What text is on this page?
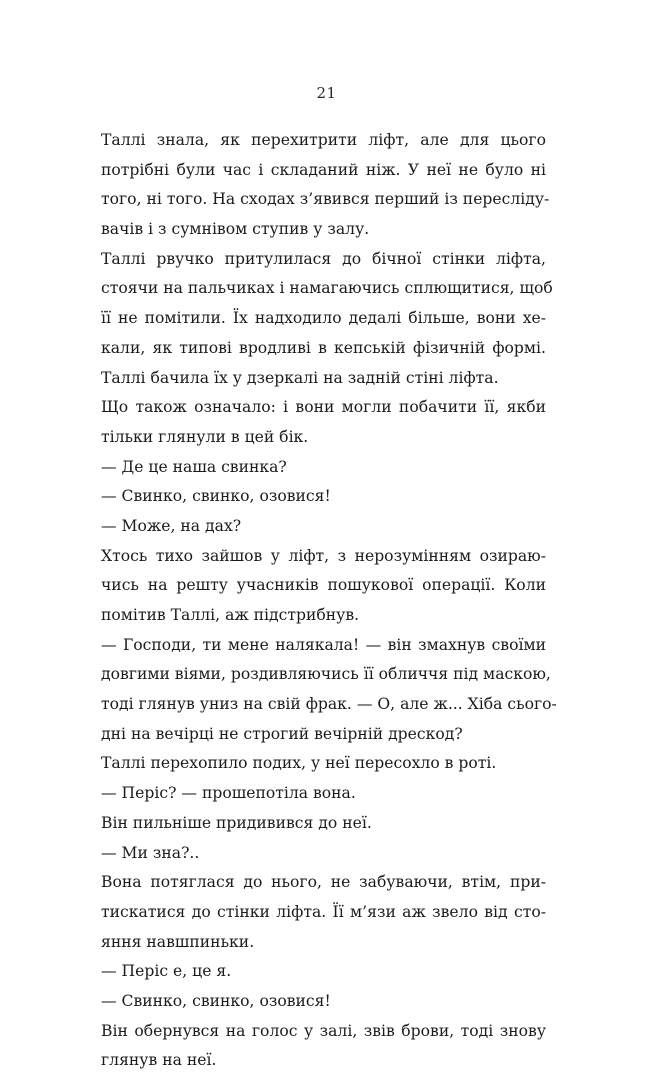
21
Таллі знала, як перехитрити ліфт, але для цього
потрібні були час і складаний ніж. У неї не було ні
того, ні того. На сходах з’явився перший із пересліду-
вачів і з сумнівом ступив у залу.
Таллі рвучко притулилася до бічної стінки ліфта,
стоячи на пальчиках і намагаючись сплющитися, щоб
її не помітили. Їх надходило дедалі більше, вони хе-
кали, як типові вродливі в кепській фізичній формі.
Таллі бачила їх у дзеркалі на задній стіні ліфта.
Що також означало: і вони могли побачити її, якби
тільки глянули в цей бік.
— Де це наша свинка?
— Свинко, свинко, озовися!
— Може, на дах?
Хтось тихо зайшов у ліфт, з нерозумінням озираю-
чись на решту учасників пошукової операції. Коли
помітив Таллі, аж підстрибнув.
— Господи, ти мене налякала! — він змахнув своїми
довгими віями, роздивляючись її обличчя під маскою,
тоді глянув униз на свій фрак. — О, але ж... Хіба сього-
дні на вечірці не строгий вечірній дрескод?
Таллі перехопило подих, у неї пересохло в роті.
— Періс? — прошепотіла вона.
Він пильніше придивився до неї.
— Ми зна?..
Вона потяглася до нього, не забуваючи, втім, при-
тискатися до стінки ліфта. Її м’язи аж звело від сто-
яння навшпиньки.
— Періс е, це я.
— Свинко, свинко, озовися!
Він обернувся на голос у залі, звів брови, тоді знову
глянув на неї.
